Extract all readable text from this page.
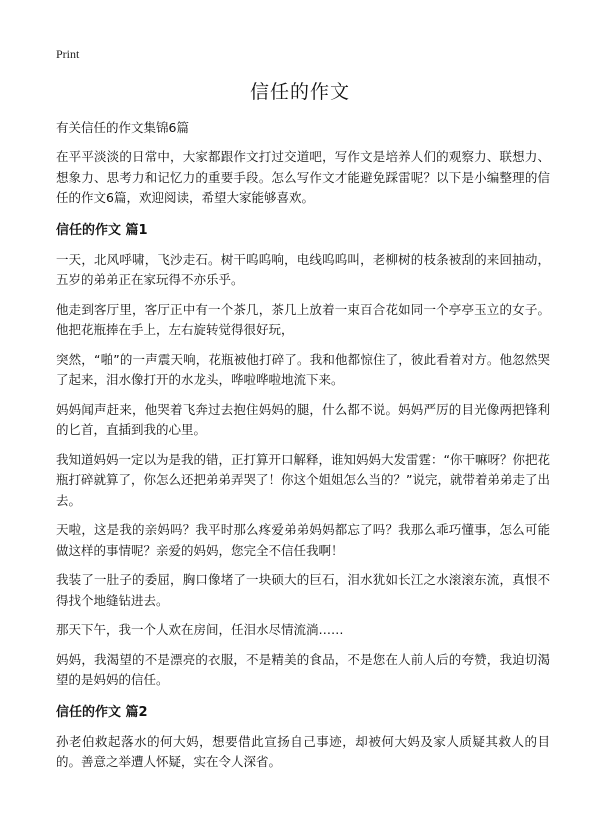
Print
信任的作文
有关信任的作文集锦6篇

在平平淡淡的日常中，大家都跟作文打过交道吧，写作文是培养人们的观察力、联想力、想象力、思考力和记忆力的重要手段。怎么写作文才能避免踩雷呢？以下是小编整理的信任的作文6篇，欢迎阅读，希望大家能够喜欢。

信任的作文 篇1

一天，北风呼啸，飞沙走石。树干呜呜响，电线呜呜叫，老柳树的枝条被刮的来回抽动，五岁的弟弟正在家玩得不亦乐乎。

他走到客厅里，客厅正中有一个茶几，茶几上放着一束百合花如同一个亭亭玉立的女子。他把花瓶捧在手上，左右旋转觉得很好玩，

突然，“啪”的一声震天响，花瓶被他打碎了。我和他都惊住了，彼此看着对方。他忽然哭了起来，泪水像打开的水龙头，哗啦哗啦地流下来。

妈妈闻声赶来，他哭着飞奔过去抱住妈妈的腿，什么都不说。妈妈严厉的目光像两把锋利的匕首，直插到我的心里。

我知道妈妈一定以为是我的错，正打算开口解释，谁知妈妈大发雷霆：“你干嘛呀？你把花瓶打碎就算了，你怎么还把弟弟弄哭了！你这个姐姐怎么当的？”说完，就带着弟弟走了出去。

天啦，这是我的亲妈吗？我平时那么疼爱弟弟妈妈都忘了吗？我那么乖巧懂事，怎么可能做这样的事情呢？亲爱的妈妈，您完全不信任我啊！

我装了一肚子的委屈，胸口像堵了一块硕大的巨石，泪水犹如长江之水滚滚东流，真恨不得找个地缝钻进去。

那天下午，我一个人欢在房间，任泪水尽情流淌……

妈妈，我渴望的不是漂亮的衣服，不是精美的食品，不是您在人前人后的夸赞，我迫切渴望的是妈妈的信任。

信任的作文 篇2

孙老伯救起落水的何大妈，想要借此宣扬自己事迹，却被何大妈及家人质疑其救人的目的。善意之举遭人怀疑，实在令人深省。
